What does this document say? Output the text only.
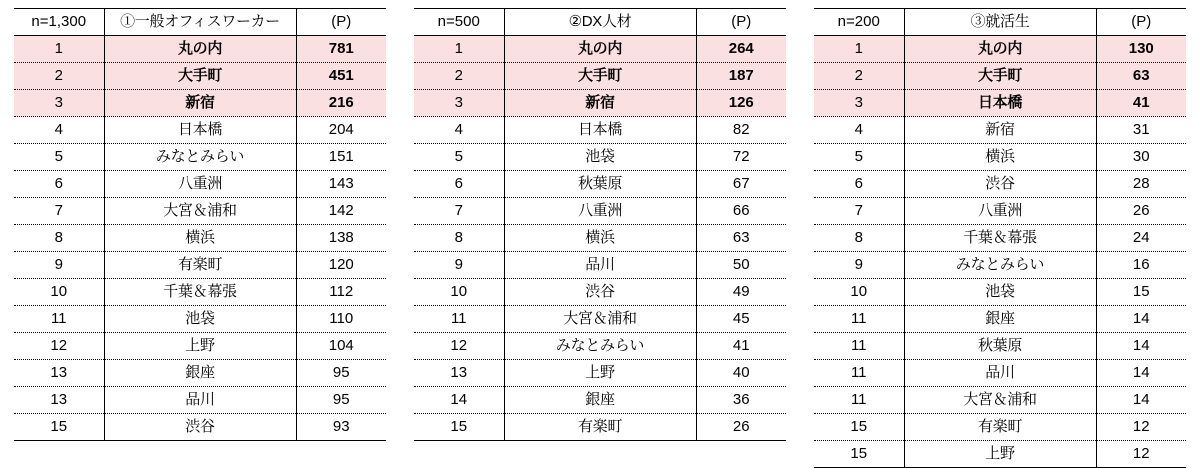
n=1,300	①一般オフィスワーカー	(P)
1	丸の内	781
2	大手町	451
3	新宿	216
4	日本橋	204
5	みなとみらい	151
6	八重洲	143
7	大宮＆浦和	142
8	横浜	138
9	有楽町	120
10	千葉＆幕張	112
11	池袋	110
12	上野	104
13	銀座	95
13	品川	95
15	渋谷	93
n=500	②DX人材	(P)
1	丸の内	264
2	大手町	187
3	新宿	126
4	日本橋	82
5	池袋	72
6	秋葉原	67
7	八重洲	66
8	横浜	63
9	品川	50
10	渋谷	49
11	大宮＆浦和	45
12	みなとみらい	41
13	上野	40
14	銀座	36
15	有楽町	26
n=200	③就活生	(P)
1	丸の内	130
2	大手町	63
3	日本橋	41
4	新宿	31
5	横浜	30
6	渋谷	28
7	八重洲	26
8	千葉＆幕張	24
9	みなとみらい	16
10	池袋	15
11	銀座	14
11	秋葉原	14
11	品川	14
11	大宮＆浦和	14
15	有楽町	12
15	上野	12
